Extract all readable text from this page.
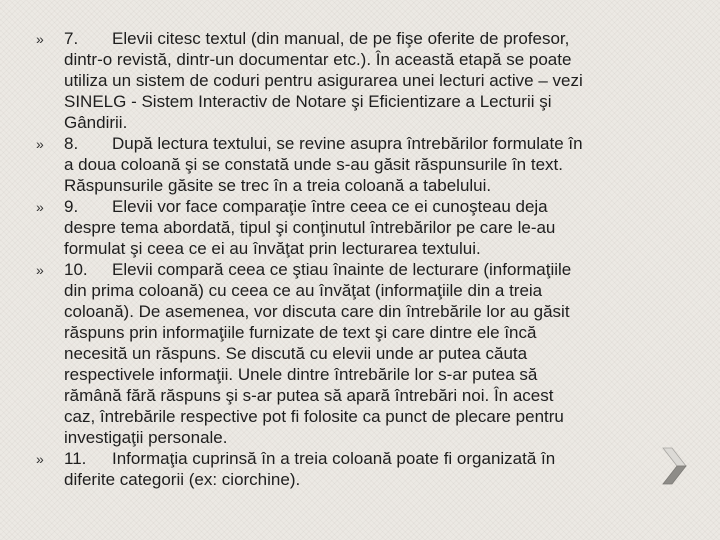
» 7. Elevii citesc textul (din manual, de pe fişe oferite de profesor,
dintr-o revistă, dintr-un documentar etc.). În această etapă se poate
utiliza un sistem de coduri pentru asigurarea unei lecturi active – vezi
SINELG - Sistem Interactiv de Notare şi Eficientizare a Lecturii şi
Gândirii.
» 8. După lectura textului, se revine asupra întrebărilor formulate în
a doua coloană şi se constată unde s-au găsit răspunsurile în text.
Răspunsurile găsite se trec în a treia coloană a tabelului.
» 9. Elevii vor face comparaţie între ceea ce ei cunoşteau deja
despre tema abordată, tipul şi conţinutul întrebărilor pe care le-au
formulat şi ceea ce ei au învăţat prin lecturarea textului.
» 10. Elevii compară ceea ce ştiau înainte de lecturare (informaţiile
din prima coloană) cu ceea ce au învăţat (informaţiile din a treia
coloană). De asemenea, vor discuta care din întrebările lor au găsit
răspuns prin informaţiile furnizate de text şi care dintre ele încă
necesită un răspuns. Se discută cu elevii unde ar putea căuta
respectivele informaţii. Unele dintre întrebările lor s-ar putea să
rămână fără răspuns şi s-ar putea să apară întrebări noi. În acest
caz, întrebările respective pot fi folosite ca punct de plecare pentru
investigaţii personale.
» 11. Informaţia cuprinsă în a treia coloană poate fi organizată în
diferite categorii (ex: ciorchine).
